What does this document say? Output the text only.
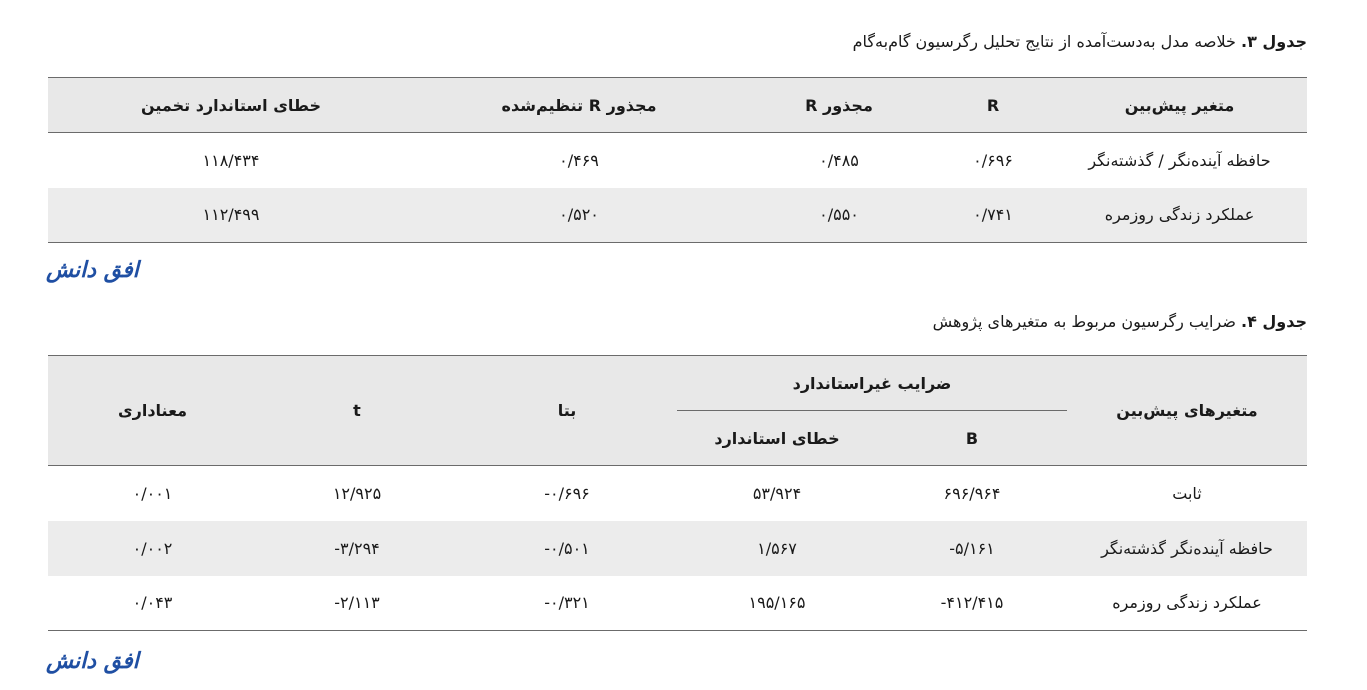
جدول ۳. خلاصه مدل به‌دست‌آمده از نتایج تحلیل رگرسیون گام‌به‌گام
متغیر پیش‌بین	R	مجذور R	مجذور R تنظیم‌شده	خطای استاندارد تخمین
حافظه آینده‌نگر / گذشته‌نگر	۰/۶۹۶	۰/۴۸۵	۰/۴۶۹	۱۱۸/۴۳۴
عملکرد زندگی روزمره	۰/۷۴۱	۰/۵۵۰	۰/۵۲۰	۱۱۲/۴۹۹
افق دانش
جدول ۴. ضرایب رگرسیون مربوط به متغیرهای پژوهش
متغیرهای پیش‌بین	ضرایب غیراستاندارد		بتا	t	معناداری
	B	خطای استاندارد			
ثابت	۶۹۶/۹۶۴	۵۳/۹۲۴	-۰/۶۹۶	۱۲/۹۲۵	۰/۰۰۱
حافظه آینده‌نگر گذشته‌نگر	-۵/۱۶۱	۱/۵۶۷	-۰/۵۰۱	-۳/۲۹۴	۰/۰۰۲
عملکرد زندگی روزمره	-۴۱۲/۴۱۵	۱۹۵/۱۶۵	-۰/۳۲۱	-۲/۱۱۳	۰/۰۴۳
افق دانش
